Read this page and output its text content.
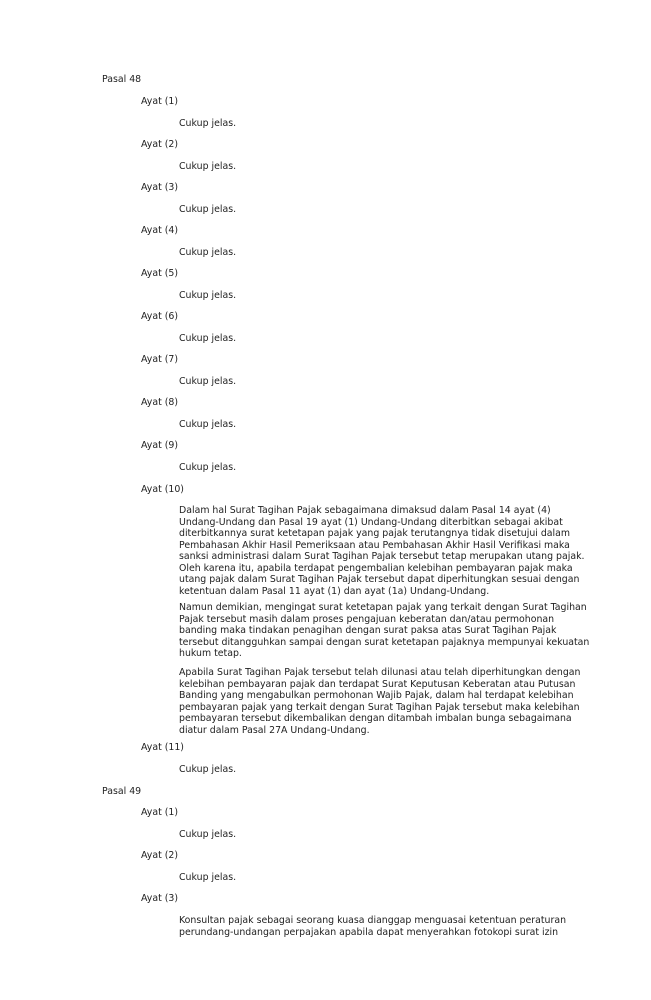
Pasal 48
Ayat (1)
Cukup jelas.
Ayat (2)
Cukup jelas.
Ayat (3)
Cukup jelas.
Ayat (4)
Cukup jelas.
Ayat (5)
Cukup jelas.
Ayat (6)
Cukup jelas.
Ayat (7)
Cukup jelas.
Ayat (8)
Cukup jelas.
Ayat (9)
Cukup jelas.
Ayat (10)
Dalam hal Surat Tagihan Pajak sebagaimana dimaksud dalam Pasal 14 ayat (4)
Undang-Undang dan Pasal 19 ayat (1) Undang-Undang diterbitkan sebagai akibat
diterbitkannya surat ketetapan pajak yang pajak terutangnya tidak disetujui dalam
Pembahasan Akhir Hasil Pemeriksaan atau Pembahasan Akhir Hasil Verifikasi maka
sanksi administrasi dalam Surat Tagihan Pajak tersebut tetap merupakan utang pajak.
Oleh karena itu, apabila terdapat pengembalian kelebihan pembayaran pajak maka
utang pajak dalam Surat Tagihan Pajak tersebut dapat diperhitungkan sesuai dengan
ketentuan dalam Pasal 11 ayat (1) dan ayat (1a) Undang-Undang.
Namun demikian, mengingat surat ketetapan pajak yang terkait dengan Surat Tagihan
Pajak tersebut masih dalam proses pengajuan keberatan dan/atau permohonan
banding maka tindakan penagihan dengan surat paksa atas Surat Tagihan Pajak
tersebut ditangguhkan sampai dengan surat ketetapan pajaknya mempunyai kekuatan
hukum tetap.
Apabila Surat Tagihan Pajak tersebut telah dilunasi atau telah diperhitungkan dengan
kelebihan pembayaran pajak dan terdapat Surat Keputusan Keberatan atau Putusan
Banding yang mengabulkan permohonan Wajib Pajak, dalam hal terdapat kelebihan
pembayaran pajak yang terkait dengan Surat Tagihan Pajak tersebut maka kelebihan
pembayaran tersebut dikembalikan dengan ditambah imbalan bunga sebagaimana
diatur dalam Pasal 27A Undang-Undang.
Ayat (11)
Cukup jelas.
Pasal 49
Ayat (1)
Cukup jelas.
Ayat (2)
Cukup jelas.
Ayat (3)
Konsultan pajak sebagai seorang kuasa dianggap menguasai ketentuan peraturan
perundang-undangan perpajakan apabila dapat menyerahkan fotokopi surat izin
